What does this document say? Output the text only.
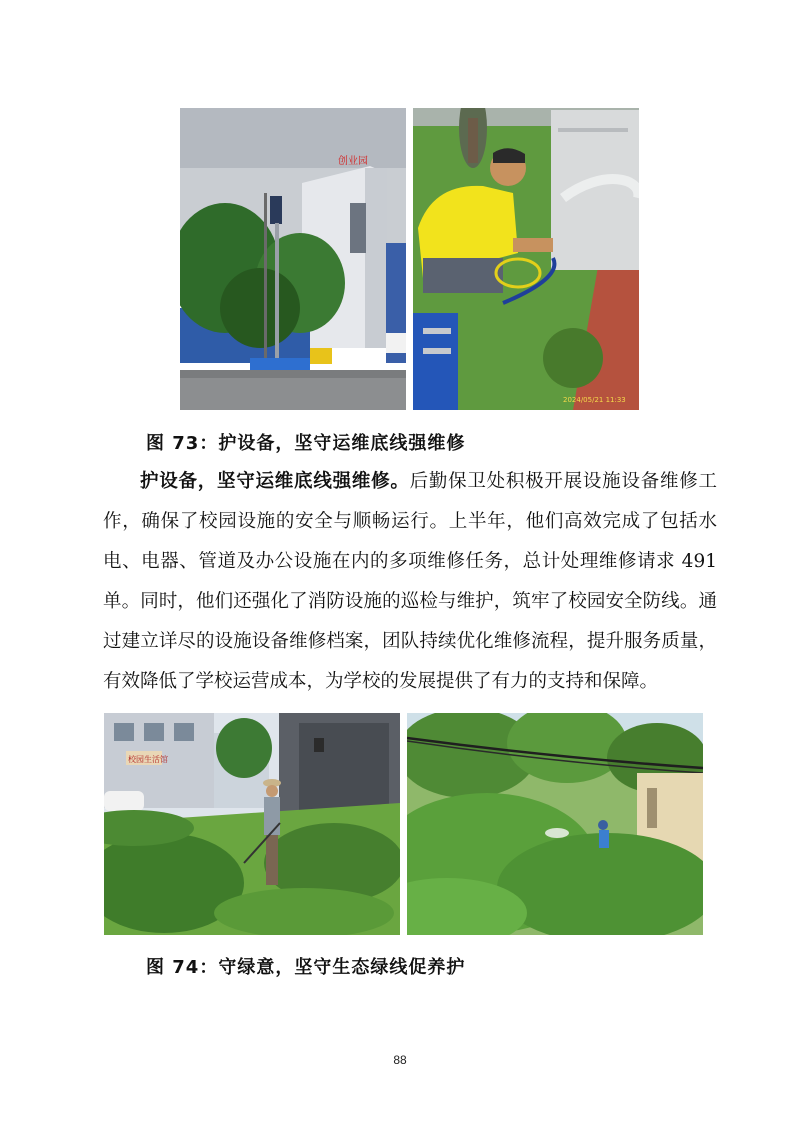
创业园
2024/05/21 11:33
图 73：护设备，坚守运维底线强维修
护设备，坚守运维底线强维修。后勤保卫处积极开展设施设备维修工作，确保了校园设施的安全与顺畅运行。上半年，他们高效完成了包括水电、电器、管道及办公设施在内的多项维修任务，总计处理维修请求 491 单。同时，他们还强化了消防设施的巡检与维护，筑牢了校园安全防线。通过建立详尽的设施设备维修档案，团队持续优化维修流程，提升服务质量，有效降低了学校运营成本，为学校的发展提供了有力的支持和保障。
校园生活馆
图 74：守绿意，坚守生态绿线促养护
88
